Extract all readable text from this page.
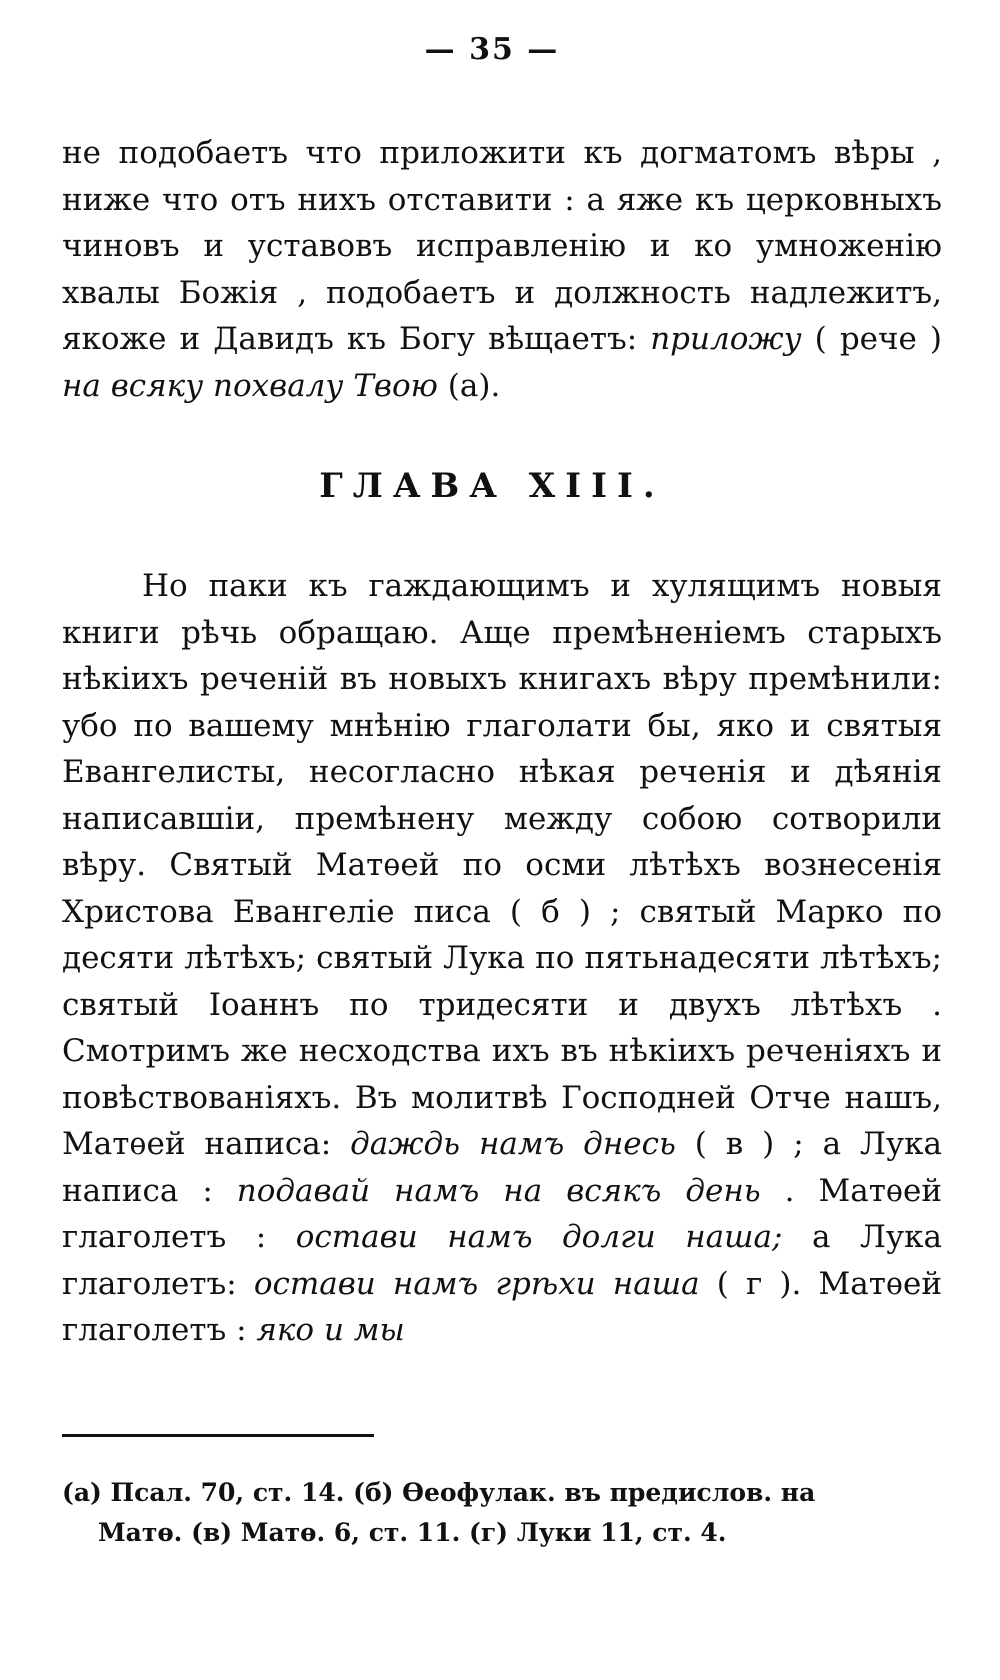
— 35 —

не подобаетъ что приложити къ догматомъ вѣры , ниже что отъ нихъ отставити : а яже къ церковныхъ чиновъ и уставовъ исправленію и ко умноженію хвалы Божія , подобаетъ и должность надлежитъ, якоже и Давидъ къ Богу вѣщаетъ: приложу ( рече ) на всяку похвалу Твою (а).

ГЛАВА XIII.

Но паки къ гаждающимъ и хулящимъ новыя книги рѣчь обращаю. Аще премѣненіемъ старыхъ нѣкіихъ реченій въ новыхъ книгахъ вѣру премѣнили: убо по вашему мнѣнію глаголати бы, яко и святыя Евангелисты, несогласно нѣкая реченія и дѣянія написавшіи, премѣнену между собою сотворили вѣру. Святый Матѳей по осми лѣтѣхъ вознесенія Христова Евангеліе писа ( б ) ; святый Марко по десяти лѣтѣхъ; святый Лука по пятьнадесяти лѣтѣхъ; святый Іоаннъ по тридесяти и двухъ лѣтѣхъ . Смотримъ же несходства ихъ въ нѣкіихъ реченіяхъ и повѣствованіяхъ. Въ молитвѣ Господней Отче нашъ, Матѳей написа: даждь намъ днесь ( в ) ; а Лука написа : подавай намъ на всякъ день . Матѳей глаголетъ : остави намъ долги наша; а Лука глаголетъ: остави намъ грѣхи наша ( г ). Матѳей глаголетъ : яко и мы

(а) Псал. 70, ст. 14. (б) Ѳеофулак. въ предислов. на
Матѳ. (в) Матѳ. 6, ст. 11. (г) Луки 11, ст. 4.
